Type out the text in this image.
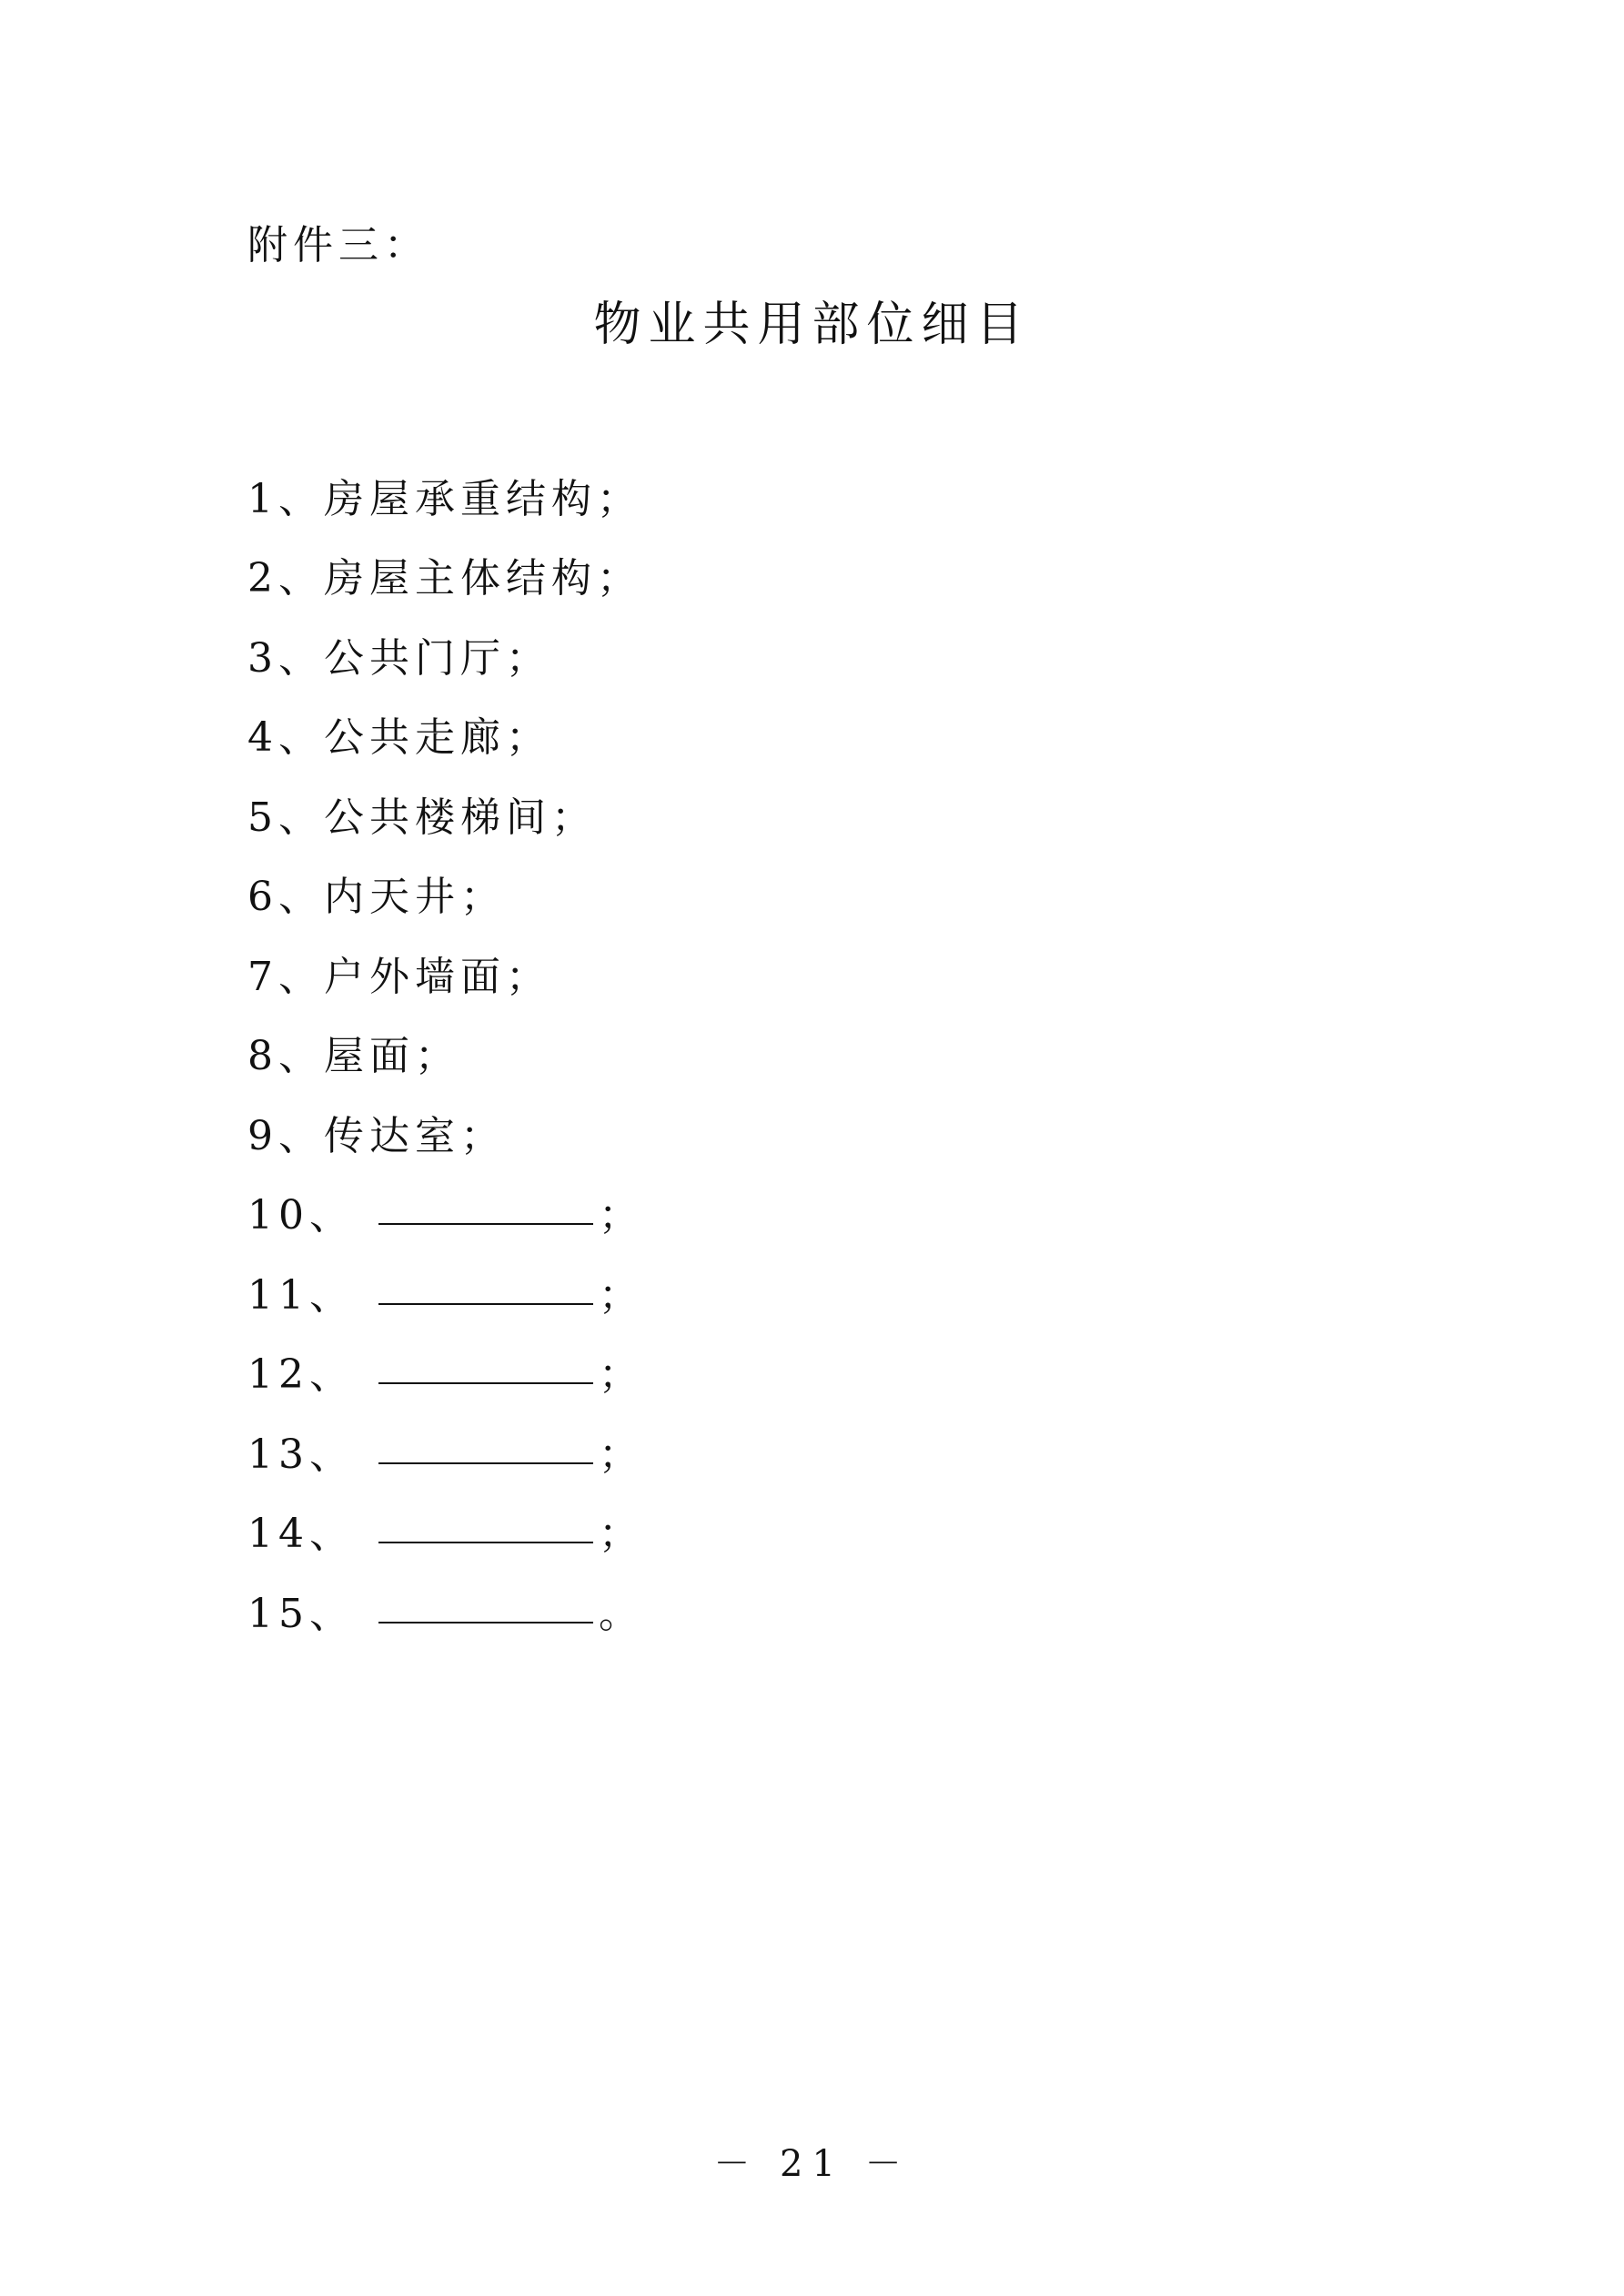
附件三：
物业共用部位细目
1、 房屋承重结构；
2、 房屋主体结构；
3、 公共门厅；
4、 公共走廊；
5、 公共楼梯间；
6、 内天井；
7、 户外墙面；
8、 屋面；
9、 传达室；
10、	；
11、	；
12、	；
13、	；
14、	；
15、	。
－ 21 －
